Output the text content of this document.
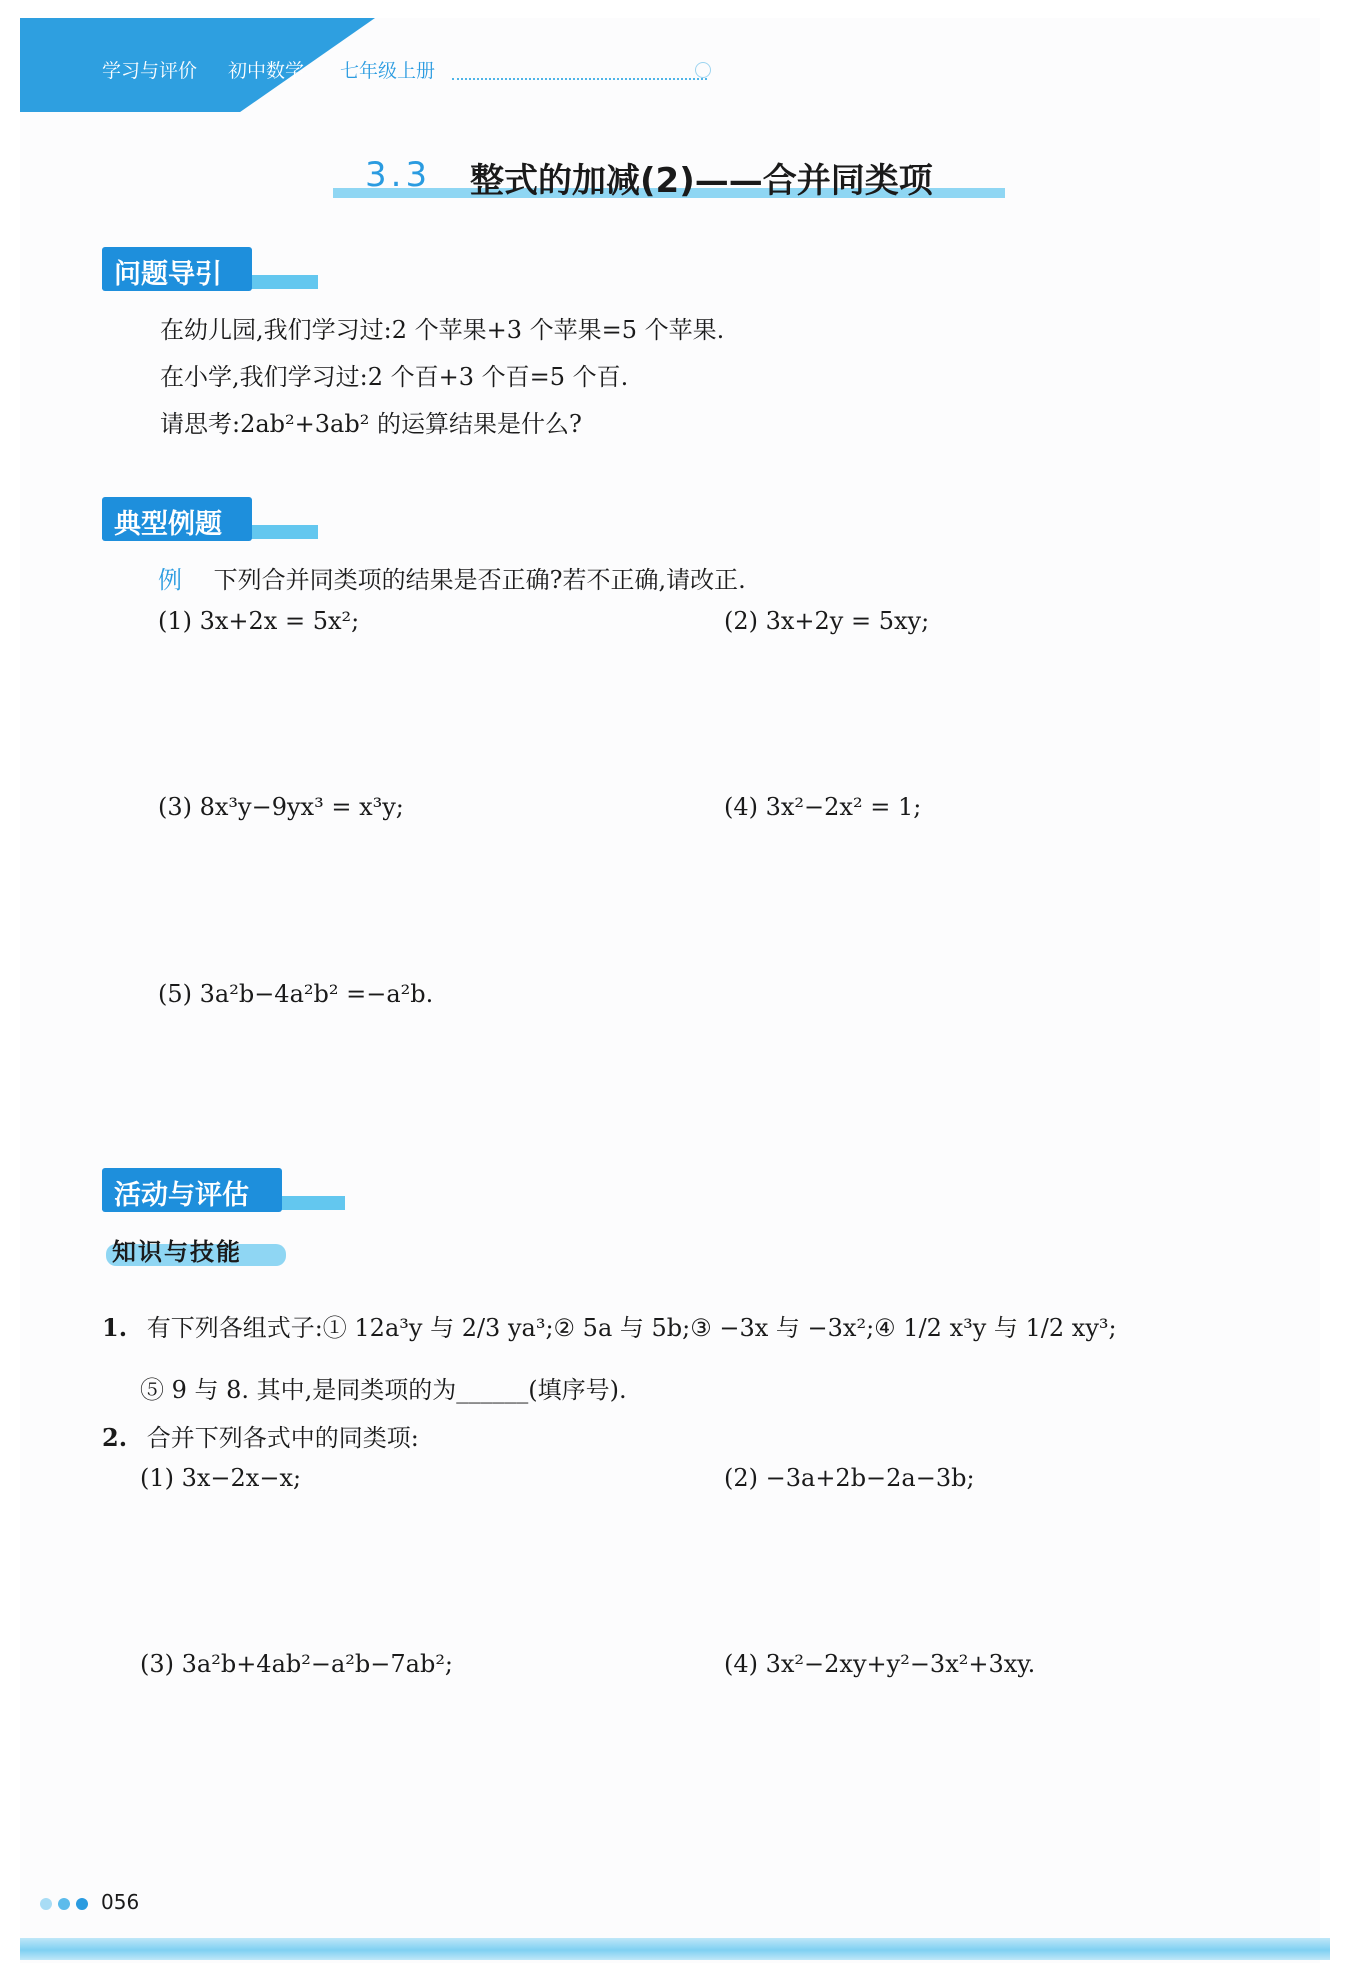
学习与评价 初中数学 七年级上册
3.3 整式的加减(2)——合并同类项
问题导引
在幼儿园,我们学习过:2 个苹果+3 个苹果=5 个苹果.
在小学,我们学习过:2 个百+3 个百=5 个百.
请思考:2ab²+3ab² 的运算结果是什么?
典型例题
例 下列合并同类项的结果是否正确?若不正确,请改正.
(1) 3x+2x = 5x²;	(2) 3x+2y = 5xy;
(3) 8x³y−9yx³ = x³y;	(4) 3x²−2x² = 1;
(5) 3a²b−4a²b² =−a²b.
活动与评估
知识与技能
1. 有下列各组式子:① 12a³y 与 2/3 ya³;② 5a 与 5b;③ −3x 与 −3x²;④ 1/2 x³y 与 1/2 xy³;
⑤ 9 与 8. 其中,是同类项的为______(填序号).
2. 合并下列各式中的同类项:
(1) 3x−2x−x;	(2) −3a+2b−2a−3b;
(3) 3a²b+4ab²−a²b−7ab²;	(4) 3x²−2xy+y²−3x²+3xy.
056
